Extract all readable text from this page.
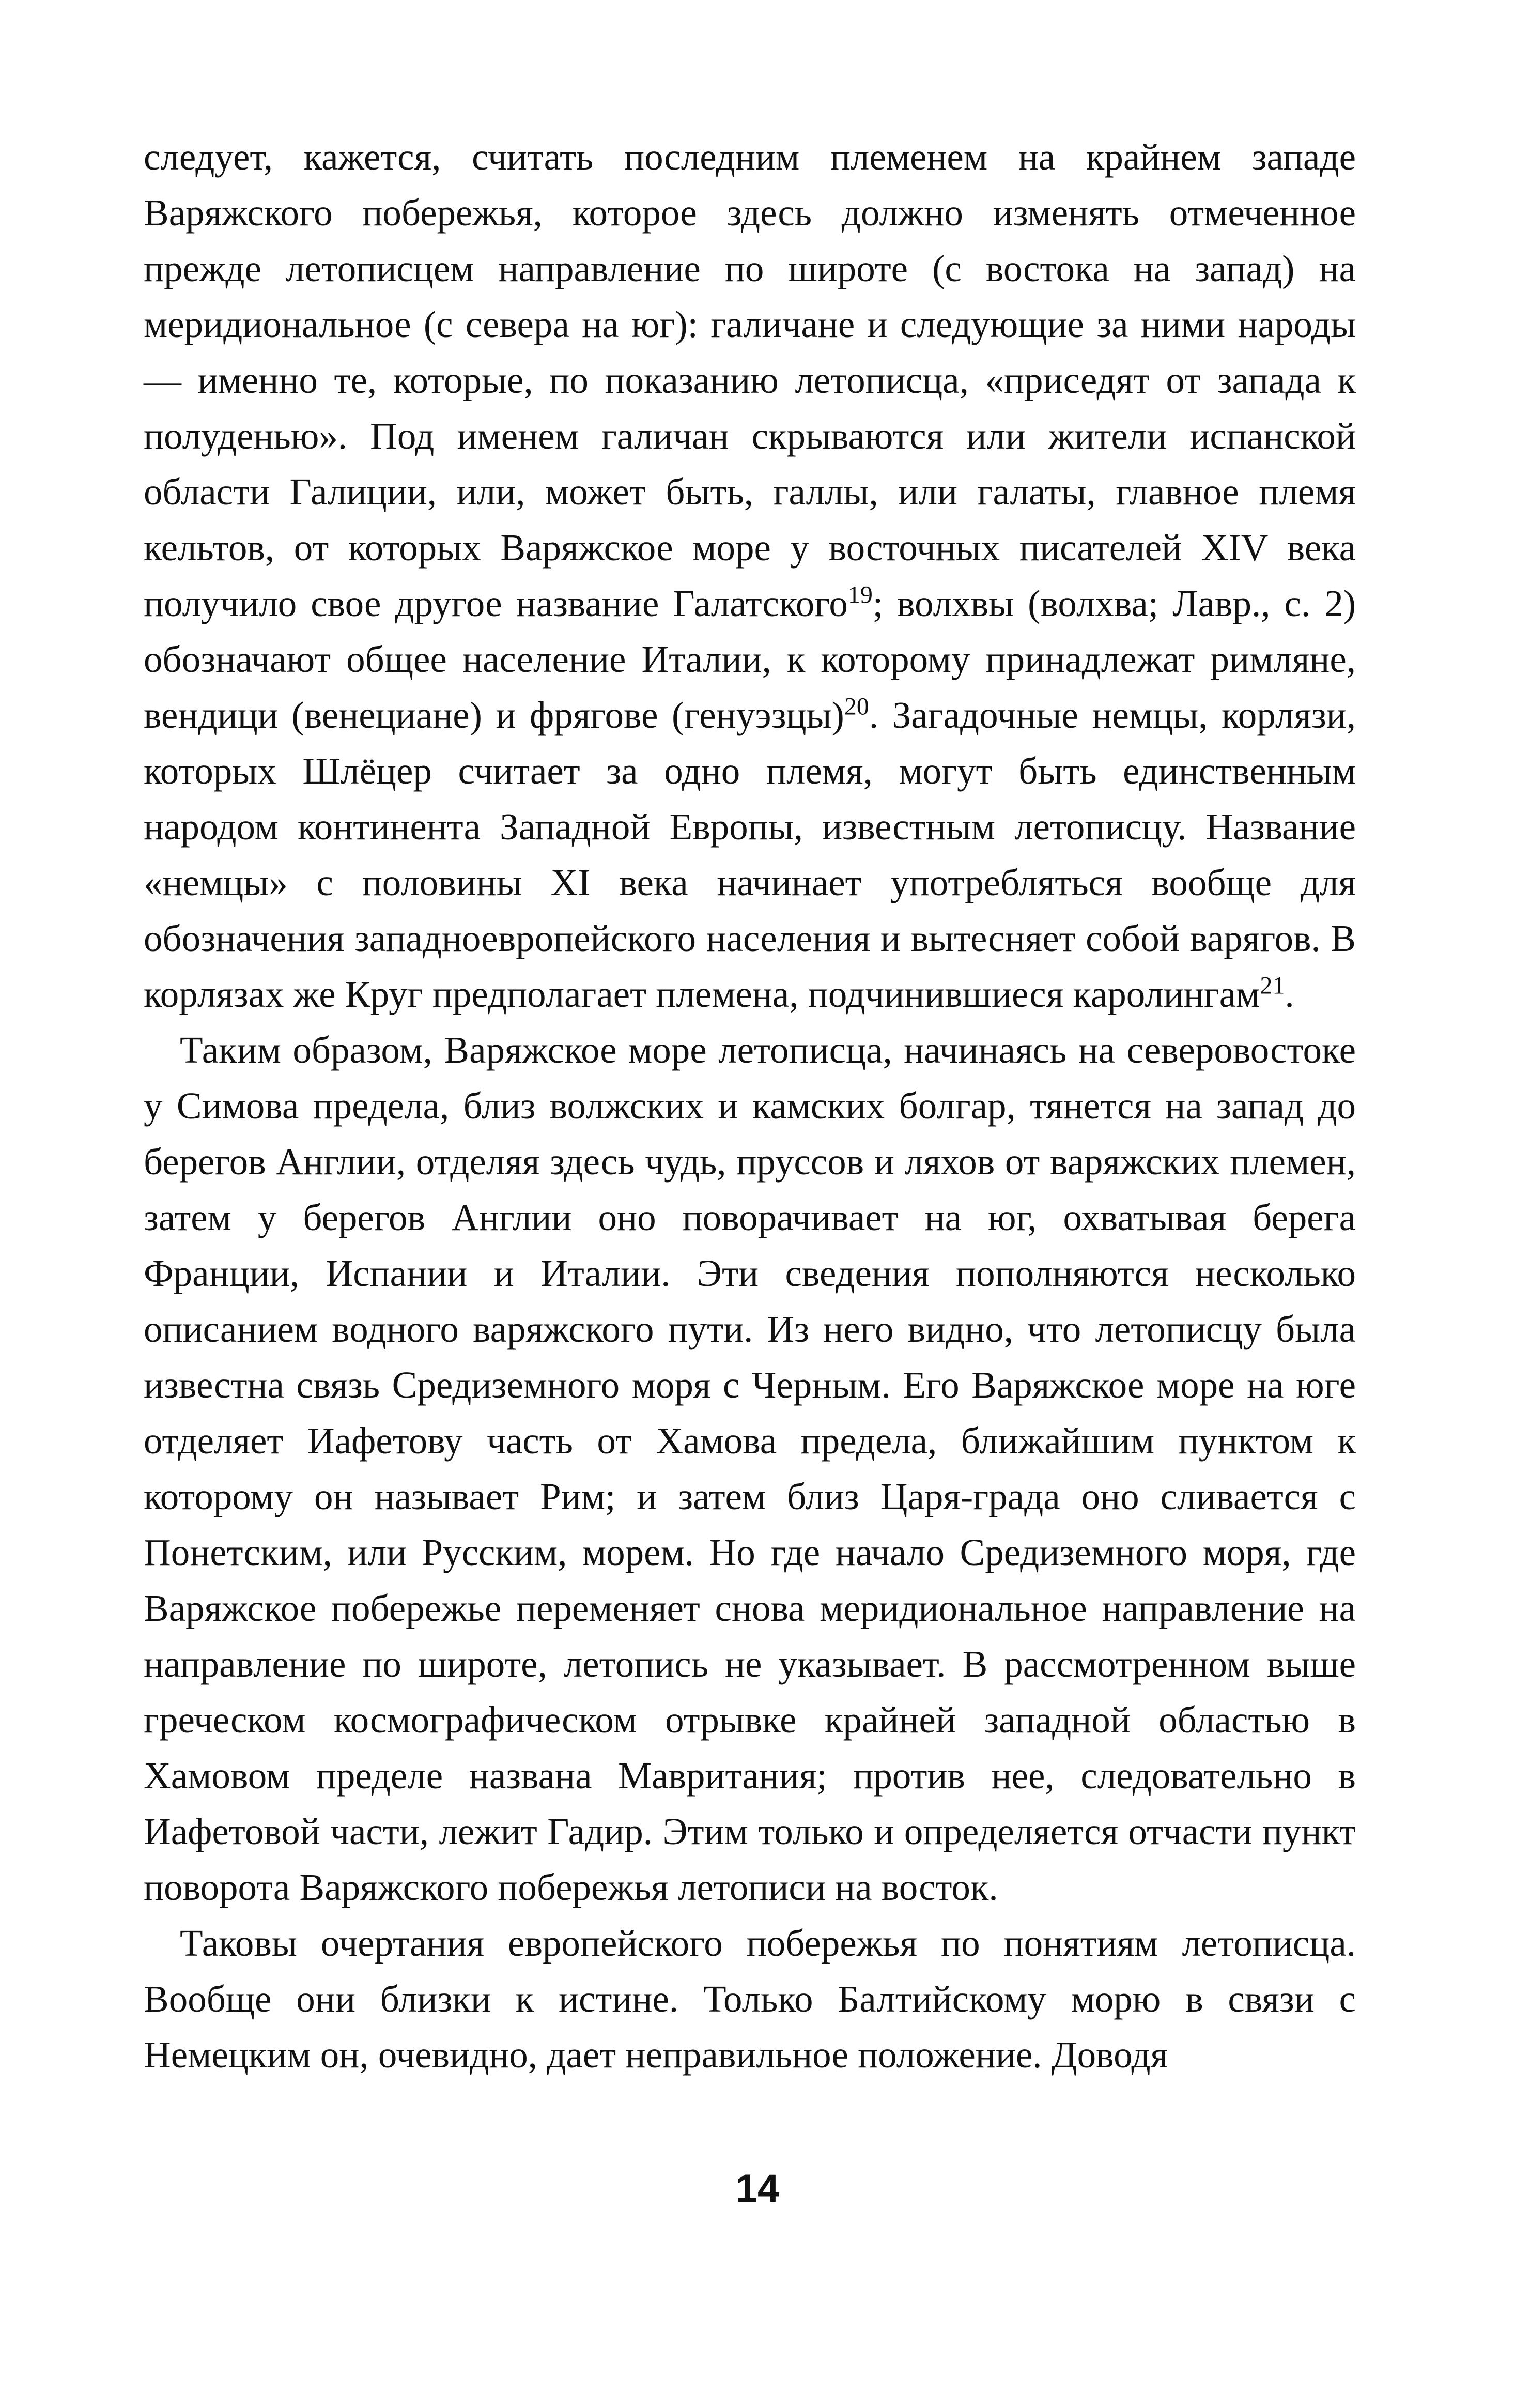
следует, кажется, считать последним племенем на крайнем западе Варяжского побережья, которое здесь должно изменять отмеченное прежде летописцем направление по широте (с востока на запад) на меридиональное (с севера на юг): галичане и следующие за ними народы — именно те, которые, по показанию летописца, «приседят от запада к полуденью». Под именем галичан скрываются или жители испанской области Галиции, или, может быть, галлы, или галаты, главное племя кельтов, от которых Варяжское море у восточных писателей XIV века получило свое другое название Галатского$^{19}$; волхвы (волхва; Лавр., с. 2) обозначают общее население Италии, к которому принадлежат римляне, вендици (венециане) и фрягове (генуэзцы)$^{20}$. Загадочные немцы, корлязи, которых Шлёцер считает за одно племя, могут быть единственным народом континента Западной Европы, известным летописцу. Название «немцы» с половины XI века начинает употребляться вообще для обозначения западноевропейского населения и вытесняет собой варягов. В корлязах же Круг предполагает племена, подчинившиеся каролингам$^{21}$.

Таким образом, Варяжское море летописца, начинаясь на северовостоке у Симова предела, близ волжских и камских болгар, тянется на запад до берегов Англии, отделяя здесь чудь, пруссов и ляхов от варяжских племен, затем у берегов Англии оно поворачивает на юг, охватывая берега Франции, Испании и Италии. Эти сведения пополняются несколько описанием водного варяжского пути. Из него видно, что летописцу была известна связь Средиземного моря с Черным. Его Варяжское море на юге отделяет Иафетову часть от Хамова предела, ближайшим пунктом к которому он называет Рим; и затем близ Царя-града оно сливается с Понетским, или Русским, морем. Но где начало Средиземного моря, где Варяжское побережье переменяет снова меридиональное направление на направление по широте, летопись не указывает. В рассмотренном выше греческом космографическом отрывке крайней западной областью в Хамовом пределе названа Мавритания; против нее, следовательно в Иафетовой части, лежит Гадир. Этим только и определяется отчасти пункт поворота Варяжского побережья летописи на восток.

Таковы очертания европейского побережья по понятиям летописца. Вообще они близки к истине. Только Балтийскому морю в связи с Немецким он, очевидно, дает неправильное положение. Доводя

14
